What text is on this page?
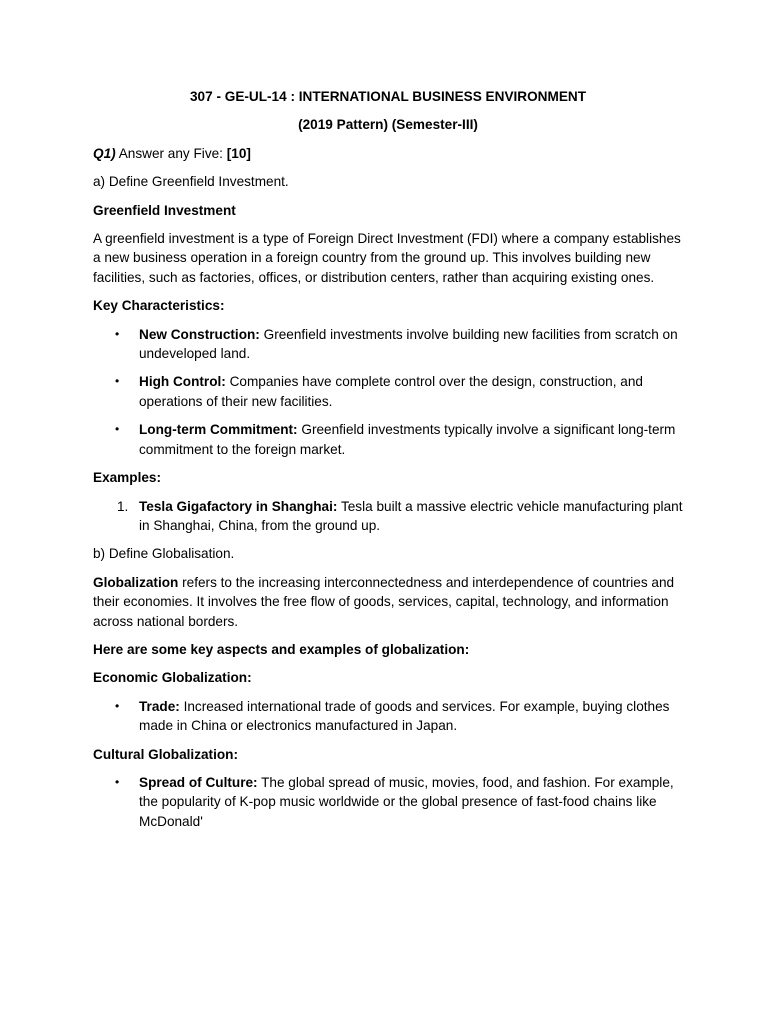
307 - GE-UL-14 : INTERNATIONAL BUSINESS ENVIRONMENT

(2019 Pattern) (Semester-III)

Q1) Answer any Five: [10]

a) Define Greenfield Investment.

Greenfield Investment

A greenfield investment is a type of Foreign Direct Investment (FDI) where a company establishes a new business operation in a foreign country from the ground up. This involves building new facilities, such as factories, offices, or distribution centers, rather than acquiring existing ones.

Key Characteristics:

• New Construction: Greenfield investments involve building new facilities from scratch on undeveloped land.
• High Control: Companies have complete control over the design, construction, and operations of their new facilities.
• Long-term Commitment: Greenfield investments typically involve a significant long-term commitment to the foreign market.

Examples:

1. Tesla Gigafactory in Shanghai: Tesla built a massive electric vehicle manufacturing plant in Shanghai, China, from the ground up.

b) Define Globalisation.

Globalization refers to the increasing interconnectedness and interdependence of countries and their economies. It involves the free flow of goods, services, capital, technology, and information across national borders.

Here are some key aspects and examples of globalization:

Economic Globalization:

• Trade: Increased international trade of goods and services. For example, buying clothes made in China or electronics manufactured in Japan.

Cultural Globalization:

• Spread of Culture: The global spread of music, movies, food, and fashion. For example, the popularity of K-pop music worldwide or the global presence of fast-food chains like McDonald'
